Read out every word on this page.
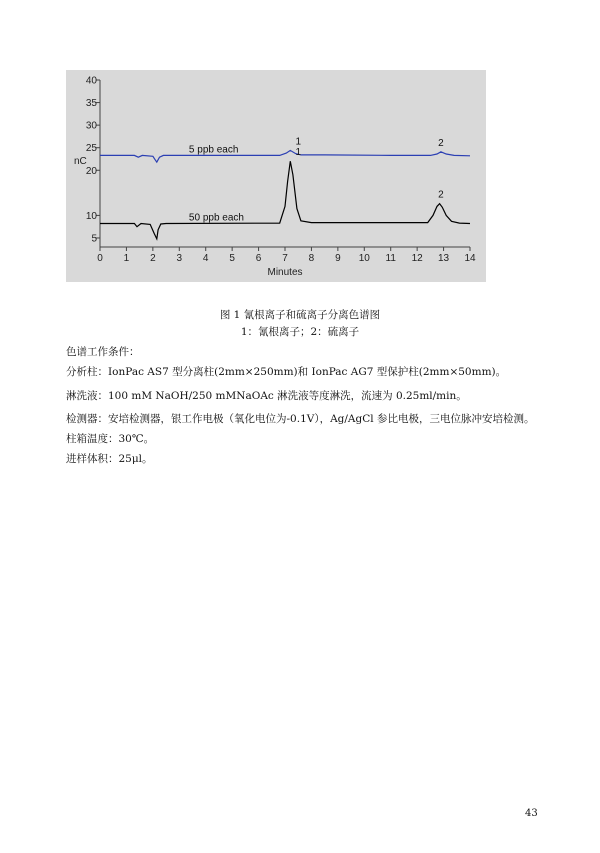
0 1 2 3 4 5 6 7 8 9 10 11 12 13 14
5
10
20
25
30
35
40
5 ppb each
50 ppb each
1	2
1
2
Minutes
nC
图 1 氰根离子和硫离子分离色谱图
1：氰根离子；2：硫离子
色谱工作条件：
分析柱：IonPac AS7 型分离柱(2mm×250mm)和 IonPac AG7 型保护柱(2mm×50mm)。
淋洗液：100 mM NaOH/250 mMNaOAc 淋洗液等度淋洗，流速为 0.25ml/min。
检测器：安培检测器，银工作电极（氧化电位为-0.1V），Ag/AgCl 参比电极，三电位脉冲安培检测。
柱箱温度：30℃。
进样体积：25μl。
43
